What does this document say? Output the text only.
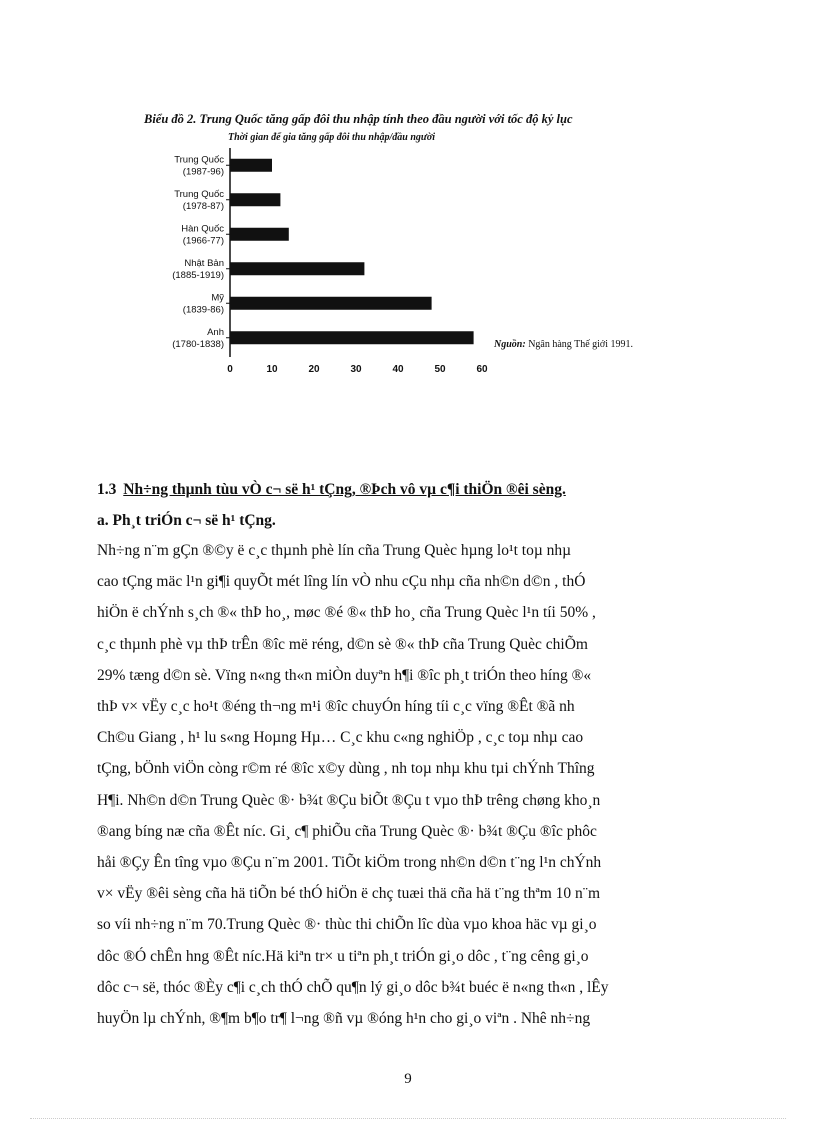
Biểu đồ 2. Trung Quốc tăng gấp đôi thu nhập tính theo đầu người với tốc độ kỷ lục
Thời gian để gia tăng gấp đôi thu nhập/đầu người
Trung Quốc
(1987-96)
Trung Quốc
(1978-87)
Hàn Quốc
(1966-77)
Nhật Bản
(1885-1919)
Mỹ
(1839-86)
Anh
(1780-1838)
0	10	20	30	40	50	60
Nguồn: Ngân hàng Thế giới 1991.
1.3 Nh÷ng thµnh tùu vÒ c¬ së h¹ tÇng, ®Þch vô vµ c¶i thiÖn ®êi sèng.
a. Ph¸t triÓn c¬ së h¹ tÇng.
Nh÷ng n¨m gÇn ®©y ë c¸c thµnh phè lín cña Trung Quèc hµng lo¹t toµ nhµ
cao tÇng mäc l¹n gi¶i quyÕt mét lîng lín vÒ nhu cÇu nhµ cña nh©n d©n , thÓ
hiÖn ë chÝnh s¸ch ®« thÞ ho¸, møc ®é ®« thÞ ho¸ cña Trung Quèc l¹n tíi 50% ,
c¸c thµnh phè vµ thÞ trÊn ®îc më réng, d©n sè ®« thÞ cña Trung Quèc chiÕm
29% tæng d©n sè. Vïng n«ng th«n miÒn duyªn h¶i ®îc ph¸t triÓn theo híng ®«
thÞ v× vËy c¸c ho¹t ®éng th¬ng m¹i ®îc chuyÓn híng tíi c¸c vïng ®Êt ®ã nh
Ch©u Giang , h¹ lu s«ng Hoµng Hµ… C¸c khu c«ng nghiÖp , c¸c toµ nhµ cao
tÇng, bÖnh viÖn còng r©m ré ®îc x©y dùng , nh toµ nhµ khu tµi chÝnh Thîng
H¶i. Nh©n d©n Trung Quèc ®· b¾t ®Çu biÕt ®Çu t vµo thÞ trêng chøng kho¸n
®ang bíng næ cña ®Êt níc. Gi¸ c¶ phiÕu cña Trung Quèc ®· b¾t ®Çu ®îc phôc
håi ®Çy Ên tîng vµo ®Çu n¨m 2001. TiÕt kiÖm trong nh©n d©n t¨ng l¹n chÝnh
v× vËy ®êi sèng cña hä tiÕn bé thÓ hiÖn ë chç tuæi thä cña hä t¨ng thªm 10 n¨m
so víi nh÷ng n¨m 70.Trung Quèc ®· thùc thi chiÕn lîc dùa vµo khoa häc vµ gi¸o
dôc ®Ó chÊn hng ®Êt níc.Hä kiªn tr× u tiªn ph¸t triÓn gi¸o dôc , t¨ng cêng gi¸o
dôc c¬ së, thóc ®Èy c¶i c¸ch thÓ chÕ qu¶n lý gi¸o dôc b¾t buéc ë n«ng th«n , lÊy
huyÖn lµ chÝnh, ®¶m b¶o tr¶ l¬ng ®ñ vµ ®óng h¹n cho gi¸o viªn . Nhê nh÷ng
9
